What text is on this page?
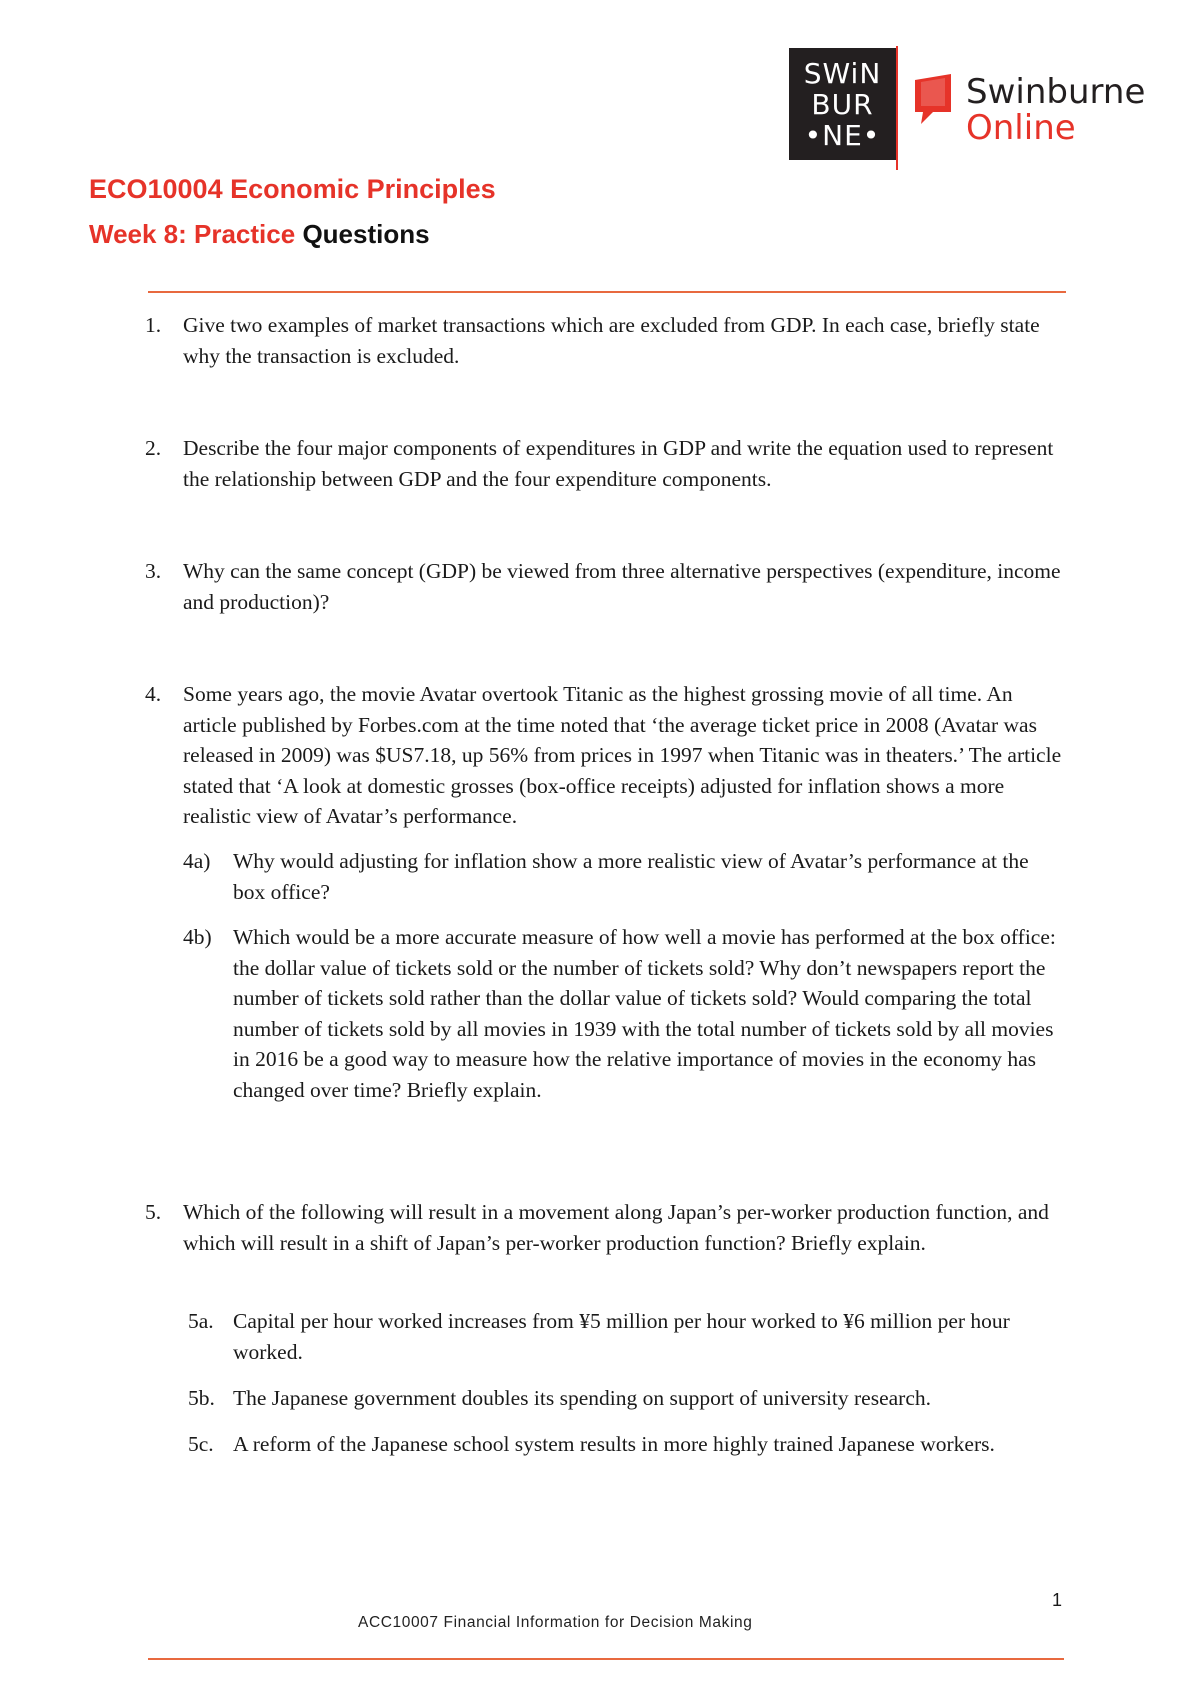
SWiN
BUR
•NE•
Swinburne
Online
ECO10004 Economic Principles
Week 8: Practice Questions
1.	Give two examples of market transactions which are excluded from GDP. In each case, briefly state why the transaction is excluded.
2.	Describe the four major components of expenditures in GDP and write the equation used to represent the relationship between GDP and the four expenditure components.
3.	Why can the same concept (GDP) be viewed from three alternative perspectives (expenditure, income and production)?
4.	Some years ago, the movie Avatar overtook Titanic as the highest grossing movie of all time. An article published by Forbes.com at the time noted that ‘the average ticket price in 2008 (Avatar was released in 2009) was $US7.18, up 56% from prices in 1997 when Titanic was in theaters.’ The article stated that ‘A look at domestic grosses (box-office receipts) adjusted for inflation shows a more realistic view of Avatar’s performance.
4a) Why would adjusting for inflation show a more realistic view of Avatar’s performance at the box office?
4b) Which would be a more accurate measure of how well a movie has performed at the box office: the dollar value of tickets sold or the number of tickets sold? Why don’t newspapers report the number of tickets sold rather than the dollar value of tickets sold? Would comparing the total number of tickets sold by all movies in 1939 with the total number of tickets sold by all movies in 2016 be a good way to measure how the relative importance of movies in the economy has changed over time? Briefly explain.
5.	Which of the following will result in a movement along Japan’s per-worker production function, and which will result in a shift of Japan’s per-worker production function? Briefly explain.
5a. Capital per hour worked increases from ¥5 million per hour worked to ¥6 million per hour worked.
5b. The Japanese government doubles its spending on support of university research.
5c. A reform of the Japanese school system results in more highly trained Japanese workers.
1
ACC10007 Financial Information for Decision Making
